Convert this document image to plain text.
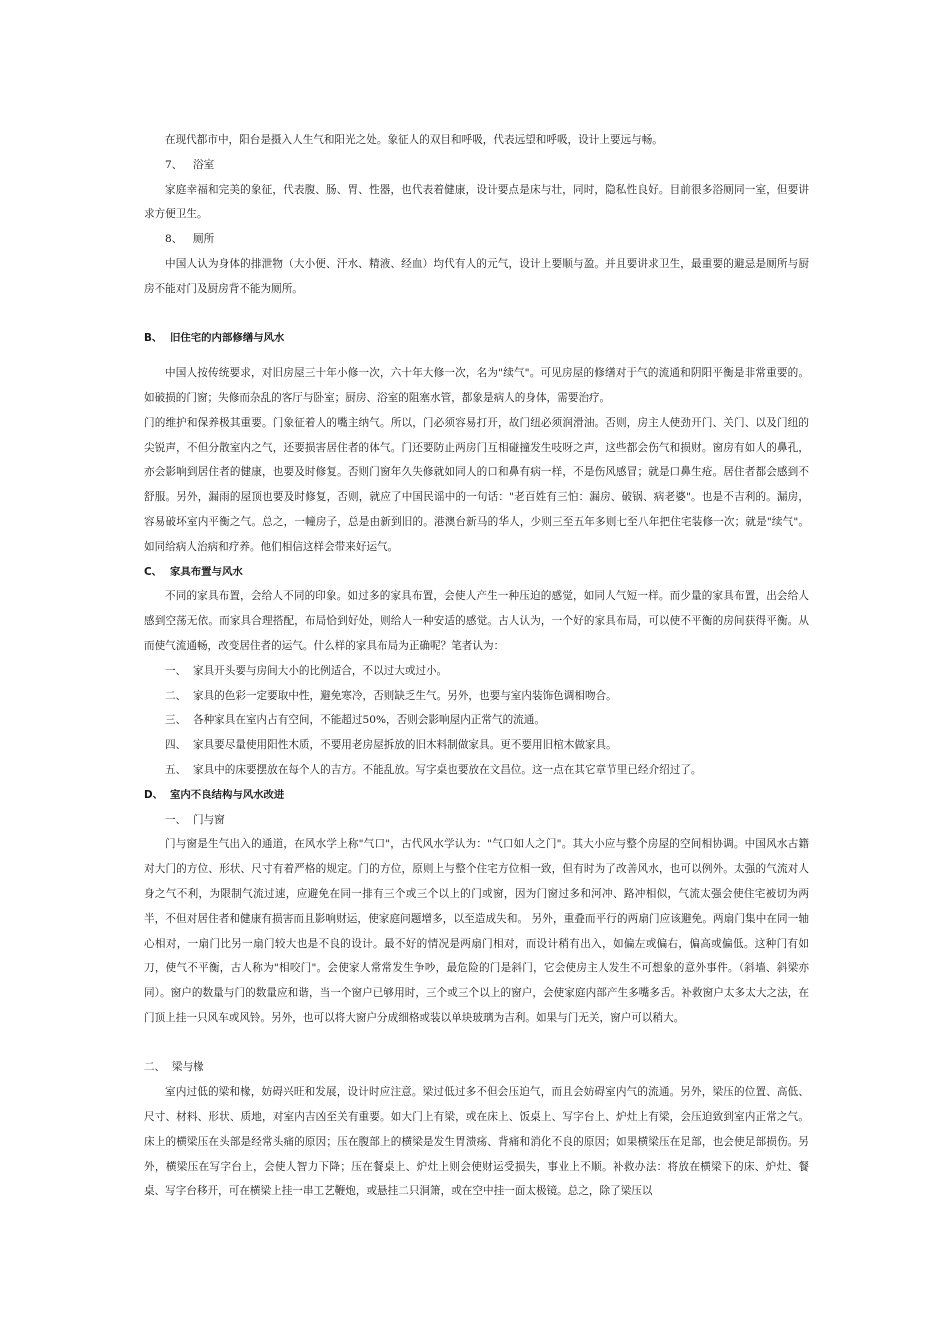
在现代都市中，阳台是摄入人生气和阳光之处。象征人的双目和呼吸，代表远望和呼吸，设计上要远与畅。

7、 浴室

家庭幸福和完美的象征，代表腹、肠、胃、性器，也代表着健康，设计要点是床与壮，同时，隐私性良好。目前很多浴厕同一室，但要讲求方便卫生。

8、 厕所

中国人认为身体的排泄物（大小便、汗水、精液、经血）均代有人的元气，设计上要顺与盈。并且要讲求卫生，最重要的避忌是厕所与厨房不能对门及厨房背不能为厕所。

B、 旧住宅的内部修缮与风水

中国人按传统要求，对旧房屋三十年小修一次，六十年大修一次，名为"续气"。可见房屋的修缮对于气的流通和阴阳平衡是非常重要的。如破损的门窗；失修而杂乱的客厅与卧室；厨房、浴室的阻塞水管，都象是病人的身体，需要治疗。

门的维护和保养极其重要。门象征着人的嘴主纳气。所以，门必须容易打开，故门纽必须润滑油。否则，房主人使劲开门、关门、以及门纽的尖锐声，不但分散室内之气，还要损害居住者的体气。门还要防止两房门互相碰撞发生吱呀之声，这些都会伤气和损财。窗房有如人的鼻孔，亦会影响到居住者的健康，也要及时修复。否则门窗年久失修就如同人的口和鼻有病一样，不是伤风感冒；就是口鼻生疮。居住者都会感到不舒服。另外，漏雨的屋顶也要及时修复，否则，就应了中国民谣中的一句话："老百姓有三怕：漏房、破锅、病老婆"。也是不吉利的。漏房，容易破坏室内平衡之气。总之，一幢房子，总是由新到旧的。港澳台新马的华人，少则三至五年多则七至八年把住宅装修一次；就是"续气"。如同给病人治病和疗养。他们相信这样会带来好运气。

C、 家具布置与风水

不同的家具布置，会给人不同的印象。如过多的家具布置，会使人产生一种压迫的感觉，如同人气短一样。而少量的家具布置，出会给人感到空荡无依。而家具合理搭配，布局恰到好处，则给人一种安适的感觉。古人认为，一个好的家具布局，可以使不平衡的房间获得平衡。从而使气流通畅，改变居住者的运气。什么样的家具布局为正确呢？笔者认为：

一、 家具开头要与房间大小的比例适合，不以过大或过小。

二、 家具的色彩一定要取中性，避免寒冷，否则缺乏生气。另外，也要与室内装饰色调相吻合。

三、 各种家具在室内占有空间，不能超过50%，否则会影响屋内正常气的流通。

四、 家具要尽量使用阳性木质，不要用老房屋拆放的旧木料制做家具。更不要用旧棺木做家具。

五、 家具中的床要摆放在每个人的吉方。不能乱放。写字桌也要放在文昌位。这一点在其它章节里已经介绍过了。

D、 室内不良结构与风水改进

一、 门与窗

门与窗是生气出入的通道，在风水学上称"气口"，古代风水学认为："气口如人之门"。其大小应与整个房屋的空间相协调。中国风水古籍对大门的方位、形状、尺寸有着严格的规定。门的方位，原则上与整个住宅方位相一致，但有时为了改善风水，也可以例外。太强的气流对人身之气不利，为限制气流过速，应避免在同一排有三个或三个以上的门或窗，因为门窗过多和河冲、路冲相似，气流太强会使住宅被切为两半，不但对居住者和健康有损害而且影响财运，使家庭问题增多，以至造成失和。 另外，重叠而平行的两扇门应该避免。两扇门集中在同一轴心相对，一扇门比另一扇门较大也是不良的设计。最不好的情况是两扇门相对，而设计稍有出入，如偏左或偏右，偏高或偏低。这种门有如刀，使气不平衡，古人称为"相咬门"。会使家人常常发生争吵，最危险的门是斜门，它会使房主人发生不可想象的意外事件。（斜墙、斜梁亦同）。窗户的数量与门的数量应和谐，当一个窗户已够用时，三个或三个以上的窗户，会使家庭内部产生多嘴多舌。补救窗户太多太大之法，在门顶上挂一只风车或风铃。另外，也可以将大窗户分成细格或装以单块玻璃为吉利。如果与门无关，窗户可以稍大。

二、 梁与椽

室内过低的梁和椽，妨碍兴旺和发展，设计时应注意。梁过低过多不但会压迫气，而且会妨碍室内气的流通。另外，梁压的位置、高低、尺寸、材料、形状、质地，对室内吉凶至关有重要。如大门上有梁，或在床上、饭桌上、写字台上、炉灶上有梁，会压迫致到室内正常之气。床上的横梁压在头部是经常头痛的原因；压在腹部上的横梁是发生胃溃疡、背痛和消化不良的原因；如果横梁压在足部，也会使足部损伤。另外，横梁压在写字台上，会使人智力下降；压在餐桌上、炉灶上则会使财运受损失，事业上不顺。补救办法：将放在横梁下的床、炉灶、餐桌、写字台移开，可在横梁上挂一串工艺鞭炮，或悬挂二只洞箫，或在空中挂一面太极镜。总之，除了梁压以
